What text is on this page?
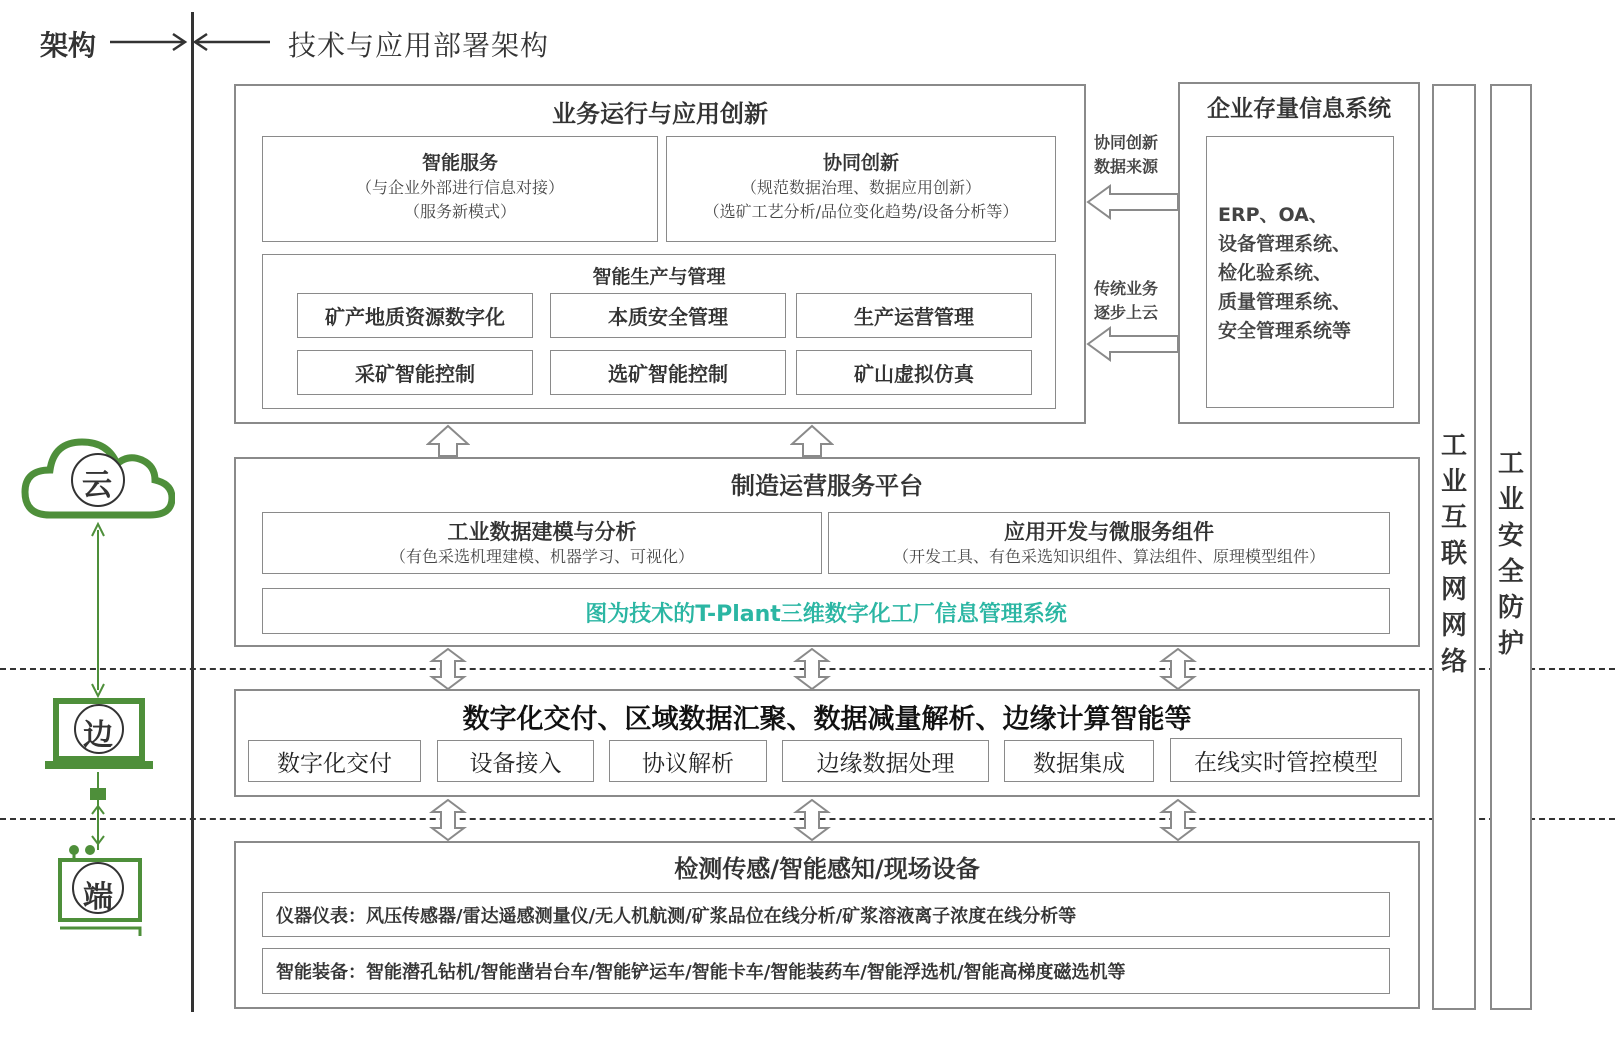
架构	技术与应用部署架构
云
边
端
业务运行与应用创新
智能服务
（与企业外部进行信息对接）
（服务新模式）
协同创新
（规范数据治理、数据应用创新）
（选矿工艺分析/品位变化趋势/设备分析等）
智能生产与管理
矿产地质资源数字化	本质安全管理	生产运营管理
采矿智能控制	选矿智能控制	矿山虚拟仿真
协同创新
数据来源
传统业务
逐步上云
企业存量信息系统
ERP、OA、
设备管理系统、
检化验系统、
质量管理系统、
安全管理系统等
制造运营服务平台
工业数据建模与分析
（有色采选机理建模、机器学习、可视化）
应用开发与微服务组件
（开发工具、有色采选知识组件、算法组件、原理模型组件）
图为技术的T-Plant三维数字化工厂信息管理系统
数字化交付、区域数据汇聚、数据减量解析、边缘计算智能等
数字化交付	设备接入	协议解析	边缘数据处理	数据集成	在线实时管控模型
检测传感/智能感知/现场设备
仪器仪表：风压传感器/雷达遥感测量仪/无人机航测/矿浆品位在线分析/矿浆溶液离子浓度在线分析等
智能装备：智能潜孔钻机/智能凿岩台车/智能铲运车/智能卡车/智能装药车/智能浮选机/智能高梯度磁选机等
工业互联网网络
工业安全防护
